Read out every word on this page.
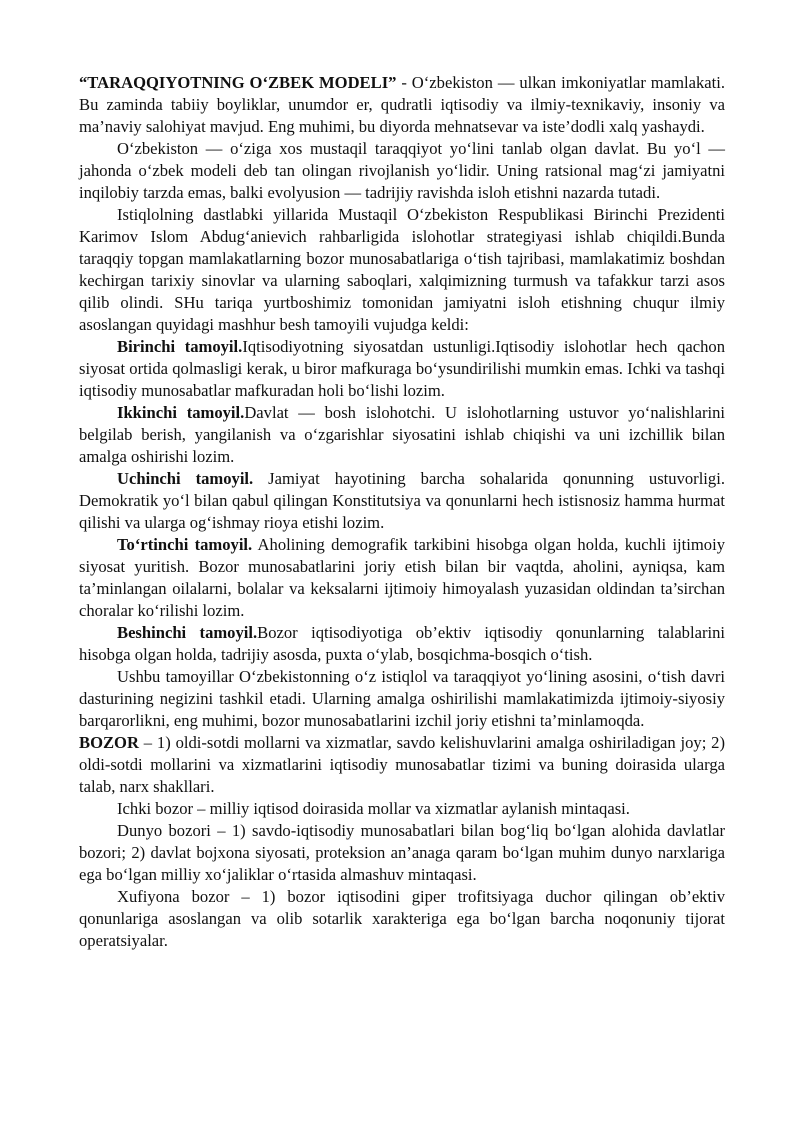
“TARAQQIYOTNING O‘ZBEK MODELI” - O‘zbekiston — ulkan imkoniyatlar mamlakati. Bu zaminda tabiiy boyliklar, unumdor er, qudratli iqtisodiy va ilmiy-texnikaviy, insoniy va ma’naviy salohiyat mavjud. Eng muhimi, bu diyorda mehnatsevar va iste’dodli xalq yashaydi.

O‘zbekiston — o‘ziga xos mustaqil taraqqiyot yo‘lini tanlab olgan davlat. Bu yo‘l — jahonda o‘zbek modeli deb tan olingan rivojlanish yo‘lidir. Uning ratsional mag‘zi jamiyatni inqilobiy tarzda emas, balki evolyusion — tadrijiy ravishda isloh etishni nazarda tutadi.

Istiqlolning dastlabki yillarida Mustaqil O‘zbekiston Respublikasi Birinchi Prezidenti Karimov Islom Abdug‘anievich rahbarligida islohotlar strategiyasi ishlab chiqildi.Bunda taraqqiy topgan mamlakatlarning bozor munosabatlariga o‘tish tajribasi, mamlakatimiz boshdan kechirgan tarixiy sinovlar va ularning saboqlari, xalqimizning turmush va tafakkur tarzi asos qilib olindi. SHu tariqa yurtboshimiz tomonidan jamiyatni isloh etishning chuqur ilmiy asoslangan quyidagi mashhur besh tamoyili vujudga keldi:

Birinchi tamoyil.Iqtisodiyotning siyosatdan ustunligi.Iqtisodiy islohotlar hech qachon siyosat ortida qolmasligi kerak, u biror mafkuraga bo‘ysundirilishi mumkin emas. Ichki va tashqi iqtisodiy munosabatlar mafkuradan holi bo‘lishi lozim.

Ikkinchi tamoyil.Davlat — bosh islohotchi. U islohotlarning ustuvor yo‘nalishlarini belgilab berish, yangilanish va o‘zgarishlar siyosatini ishlab chiqishi va uni izchillik bilan amalga oshirishi lozim.

Uchinchi tamoyil. Jamiyat hayotining barcha sohalarida qonunning ustuvorligi. Demokratik yo‘l bilan qabul qilingan Konstitutsiya va qonunlarni hech istisnosiz hamma hurmat qilishi va ularga og‘ishmay rioya etishi lozim.

To‘rtinchi tamoyil. Aholining demografik tarkibini hisobga olgan holda, kuchli ijtimoiy siyosat yuritish. Bozor munosabatlarini joriy etish bilan bir vaqtda, aholini, ayniqsa, kam ta’minlangan oilalarni, bolalar va keksalarni ijtimoiy himoyalash yuzasidan oldindan ta’sirchan choralar ko‘rilishi lozim.

Beshinchi tamoyil.Bozor iqtisodiyotiga ob’ektiv iqtisodiy qonunlarning talablarini hisobga olgan holda, tadrijiy asosda, puxta o‘ylab, bosqichma-bosqich o‘tish.

Ushbu tamoyillar O‘zbekistonning o‘z istiqlol va taraqqiyot yo‘lining asosini, o‘tish davri dasturining negizini tashkil etadi. Ularning amalga oshirilishi mamlakatimizda ijtimoiy-siyosiy barqarorlikni, eng muhimi, bozor munosabatlarini izchil joriy etishni ta’minlamoqda.

BOZOR – 1) oldi-sotdi mollarni va xizmatlar, savdo kelishuvlarini amalga oshiriladigan joy; 2) oldi-sotdi mollarini va xizmatlarini iqtisodiy munosabatlar tizimi va buning doirasida ularga talab, narx shakllari.

Ichki bozor – milliy iqtisod doirasida mollar va xizmatlar aylanish mintaqasi.

Dunyo bozori – 1) savdo-iqtisodiy munosabatlari bilan bog‘liq bo‘lgan alohida davlatlar bozori; 2) davlat bojxona siyosati, proteksion an’anaga qaram bo‘lgan muhim dunyo narxlariga ega bo‘lgan milliy xo‘jaliklar o‘rtasida almashuv mintaqasi.

Xufiyona bozor – 1) bozor iqtisodini giper trofitsiyaga duchor qilingan ob’ektiv qonunlariga asoslangan va olib sotarlik xarakteriga ega bo‘lgan barcha noqonuniy tijorat operatsiyalar.
